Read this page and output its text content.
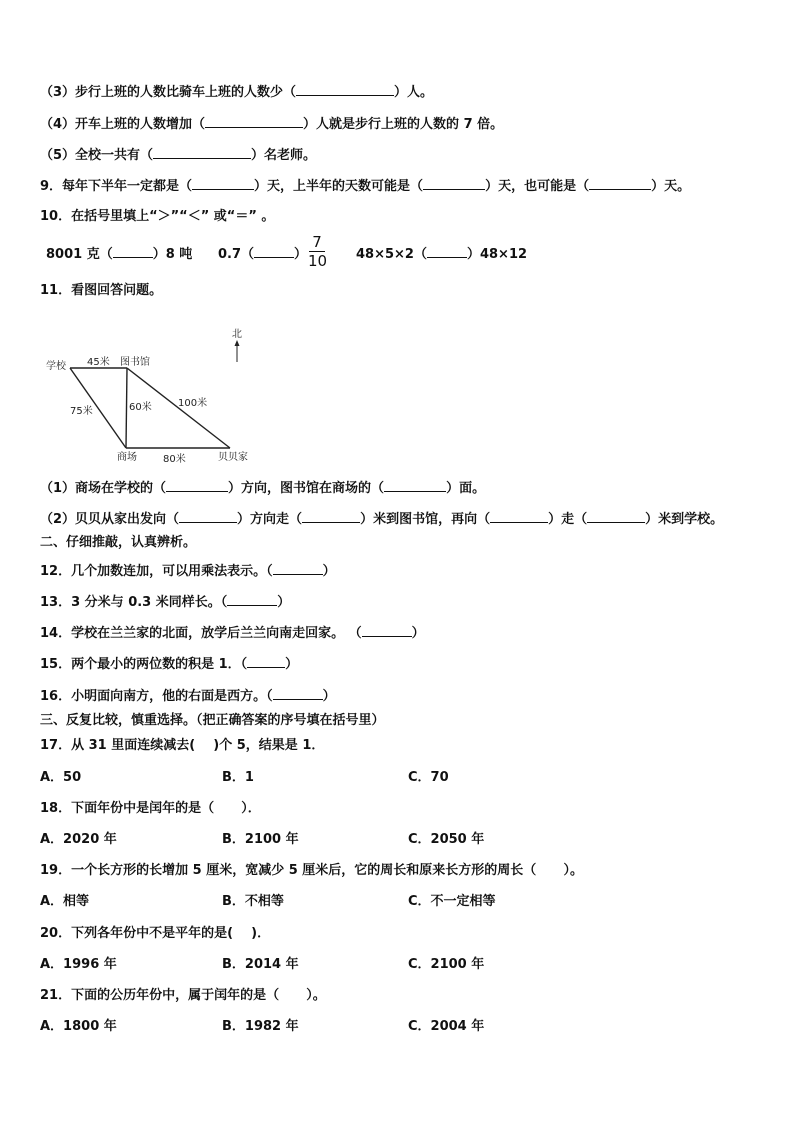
（3）步行上班的人数比骑车上班的人数少（	）人。
（4）开车上班的人数增加（	）人就是步行上班的人数的 7 倍。
（5）全校一共有（	）名老师。
9．每年下半年一定都是（	）天，上半年的天数可能是（	）天，也可能是（	）天。
10．在括号里填上“＞”“＜” 或“＝” 。
8001 克（	）8 吨 0.7（	）
7
10 48×5×2（	）48×12
11．看图回答问题。
北
学校	图书馆
商场	贝贝家
45米
75米	60米	100米
80米
（1）商场在学校的（	）方向，图书馆在商场的（	）面。
（2）贝贝从家出发向（	）方向走（	）米到图书馆，再向（	）走（	）米到学校。
二、仔细推敲，认真辨析。
12．几个加数连加，可以用乘法表示。（	）
13．3 分米与 0.3 米同样长。（	）
14．学校在兰兰家的北面，放学后兰兰向南走回家。 （	）
15．两个最小的两位数的积是 1．（	）
16．小明面向南方，他的右面是西方。（	）
三、反复比较，慎重选择。（把正确答案的序号填在括号里）
17．从 31 里面连续减去(    )个 5，结果是 1．
A．50	B．1	C．70
18．下面年份中是闰年的是（      ）．
A．2020 年	B．2100 年	C．2050 年
19．一个长方形的长增加 5 厘米，宽减少 5 厘米后，它的周长和原来长方形的周长（      ）。
A．相等	B．不相等	C．不一定相等
20．下列各年份中不是平年的是(    )．
A．1996 年	B．2014 年	C．2100 年
21．下面的公历年份中，属于闰年的是（      ）。
A．1800 年	B．1982 年	C．2004 年
